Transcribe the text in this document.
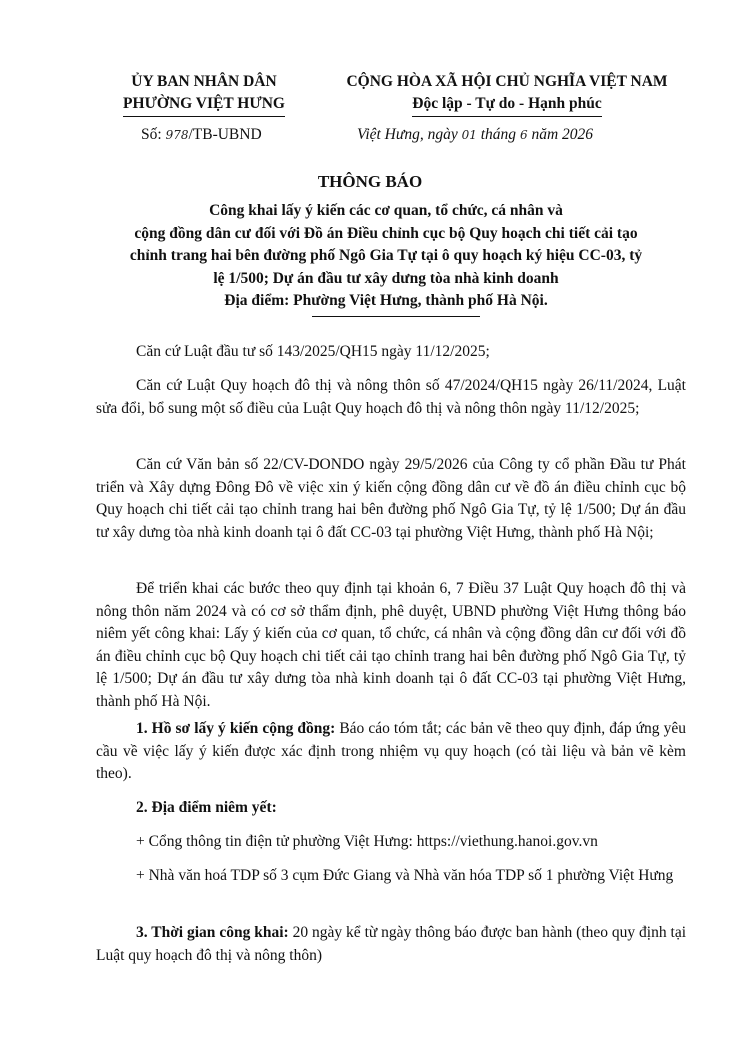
ỦY BAN NHÂN DÂN
PHƯỜNG VIỆT HƯNG
CỘNG HÒA XÃ HỘI CHỦ NGHĨA VIỆT NAM
Độc lập - Tự do - Hạnh phúc
Số: 978/TB-UBND	Việt Hưng, ngày 01 tháng 6 năm 2026
THÔNG BÁO
Công khai lấy ý kiến các cơ quan, tổ chức, cá nhân và
cộng đồng dân cư đối với Đồ án Điều chỉnh cục bộ Quy hoạch chi tiết cải tạo
chỉnh trang hai bên đường phố Ngô Gia Tự tại ô quy hoạch ký hiệu CC-03, tỷ
lệ 1/500; Dự án đầu tư xây dưng tòa nhà kinh doanh
Địa điểm: Phường Việt Hưng, thành phố Hà Nội.
Căn cứ Luật đầu tư số 143/2025/QH15 ngày 11/12/2025;
Căn cứ Luật Quy hoạch đô thị và nông thôn số 47/2024/QH15 ngày 26/11/2024, Luật sửa đổi, bổ sung một số điều của Luật Quy hoạch đô thị và nông thôn ngày 11/12/2025;
Căn cứ Văn bản số 22/CV-DONDO ngày 29/5/2026 của Công ty cổ phần Đầu tư Phát triển và Xây dựng Đông Đô về việc xin ý kiến cộng đồng dân cư về đồ án điều chỉnh cục bộ Quy hoạch chi tiết cải tạo chỉnh trang hai bên đường phố Ngô Gia Tự, tỷ lệ 1/500; Dự án đầu tư xây dưng tòa nhà kinh doanh tại ô đất CC-03 tại phường Việt Hưng, thành phố Hà Nội;
Để triển khai các bước theo quy định tại khoản 6, 7 Điều 37 Luật Quy hoạch đô thị và nông thôn năm 2024 và có cơ sở thẩm định, phê duyệt, UBND phường Việt Hưng thông báo niêm yết công khai: Lấy ý kiến của cơ quan, tổ chức, cá nhân và cộng đồng dân cư đối với đồ án điều chỉnh cục bộ Quy hoạch chi tiết cải tạo chỉnh trang hai bên đường phố Ngô Gia Tự, tỷ lệ 1/500; Dự án đầu tư xây dưng tòa nhà kinh doanh tại ô đất CC-03 tại phường Việt Hưng, thành phố Hà Nội.
1. Hồ sơ lấy ý kiến cộng đồng: Báo cáo tóm tắt; các bản vẽ theo quy định, đáp ứng yêu cầu về việc lấy ý kiến được xác định trong nhiệm vụ quy hoạch (có tài liệu và bản vẽ kèm theo).
2. Địa điểm niêm yết:
+ Cổng thông tin điện tử phường Việt Hưng: https://viethung.hanoi.gov.vn
+ Nhà văn hoá TDP số 3 cụm Đức Giang và Nhà văn hóa TDP số 1 phường Việt Hưng
3. Thời gian công khai: 20 ngày kể từ ngày thông báo được ban hành (theo quy định tại Luật quy hoạch đô thị và nông thôn)
